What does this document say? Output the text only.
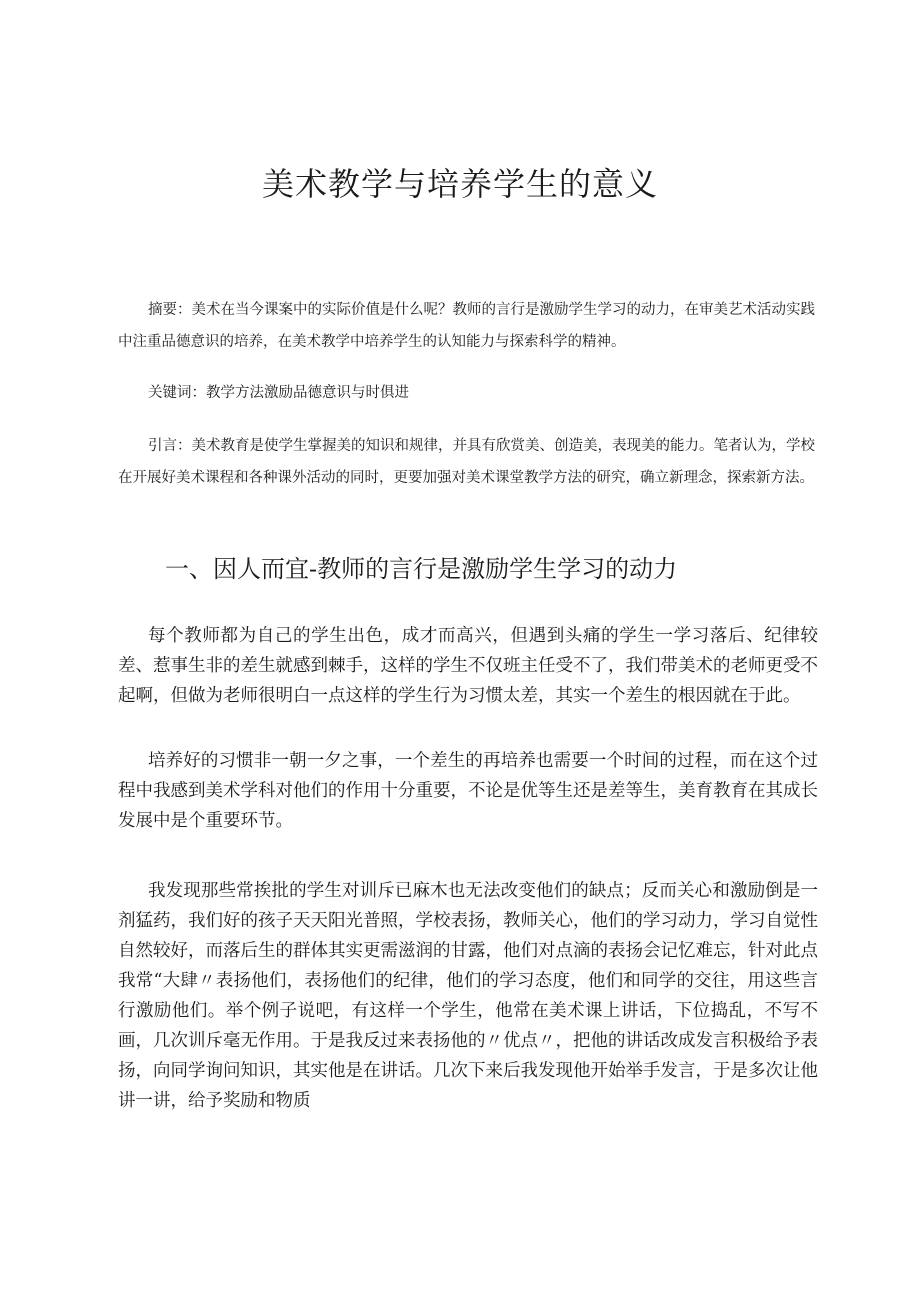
美术教学与培养学生的意义

摘要：美术在当今课案中的实际价值是什么呢？教师的言行是激励学生学习的动力，在审美艺术活动实践中注重品德意识的培养，在美术教学中培养学生的认知能力与探索科学的精神。

关键词：教学方法激励品德意识与时俱进

引言：美术教育是使学生掌握美的知识和规律，并具有欣赏美、创造美，表现美的能力。笔者认为，学校在开展好美术课程和各种课外活动的同时，更要加强对美术课堂教学方法的研究，确立新理念，探索新方法。

一、因人而宜-教师的言行是激励学生学习的动力

每个教师都为自己的学生出色，成才而高兴，但遇到头痛的学生一学习落后、纪律较差、惹事生非的差生就感到棘手，这样的学生不仅班主任受不了，我们带美术的老师更受不起啊，但做为老师很明白一点这样的学生行为习惯太差，其实一个差生的根因就在于此。

培养好的习惯非一朝一夕之事，一个差生的再培养也需要一个时间的过程，而在这个过程中我感到美术学科对他们的作用十分重要，不论是优等生还是差等生，美育教育在其成长发展中是个重要环节。

我发现那些常挨批的学生对训斥已麻木也无法改变他们的缺点；反而关心和激励倒是一剂猛药，我们好的孩子天天阳光普照，学校表扬，教师关心，他们的学习动力，学习自觉性自然较好，而落后生的群体其实更需滋润的甘露，他们对点滴的表扬会记忆难忘，针对此点我常“大肆〃表扬他们，表扬他们的纪律，他们的学习态度，他们和同学的交往，用这些言行激励他们。举个例子说吧，有这样一个学生，他常在美术课上讲话，下位捣乱，不写不画，几次训斥毫无作用。于是我反过来表扬他的〃优点〃，把他的讲话改成发言积极给予表扬，向同学询问知识，其实他是在讲话。几次下来后我发现他开始举手发言，于是多次让他讲一讲，给予奖励和物质
